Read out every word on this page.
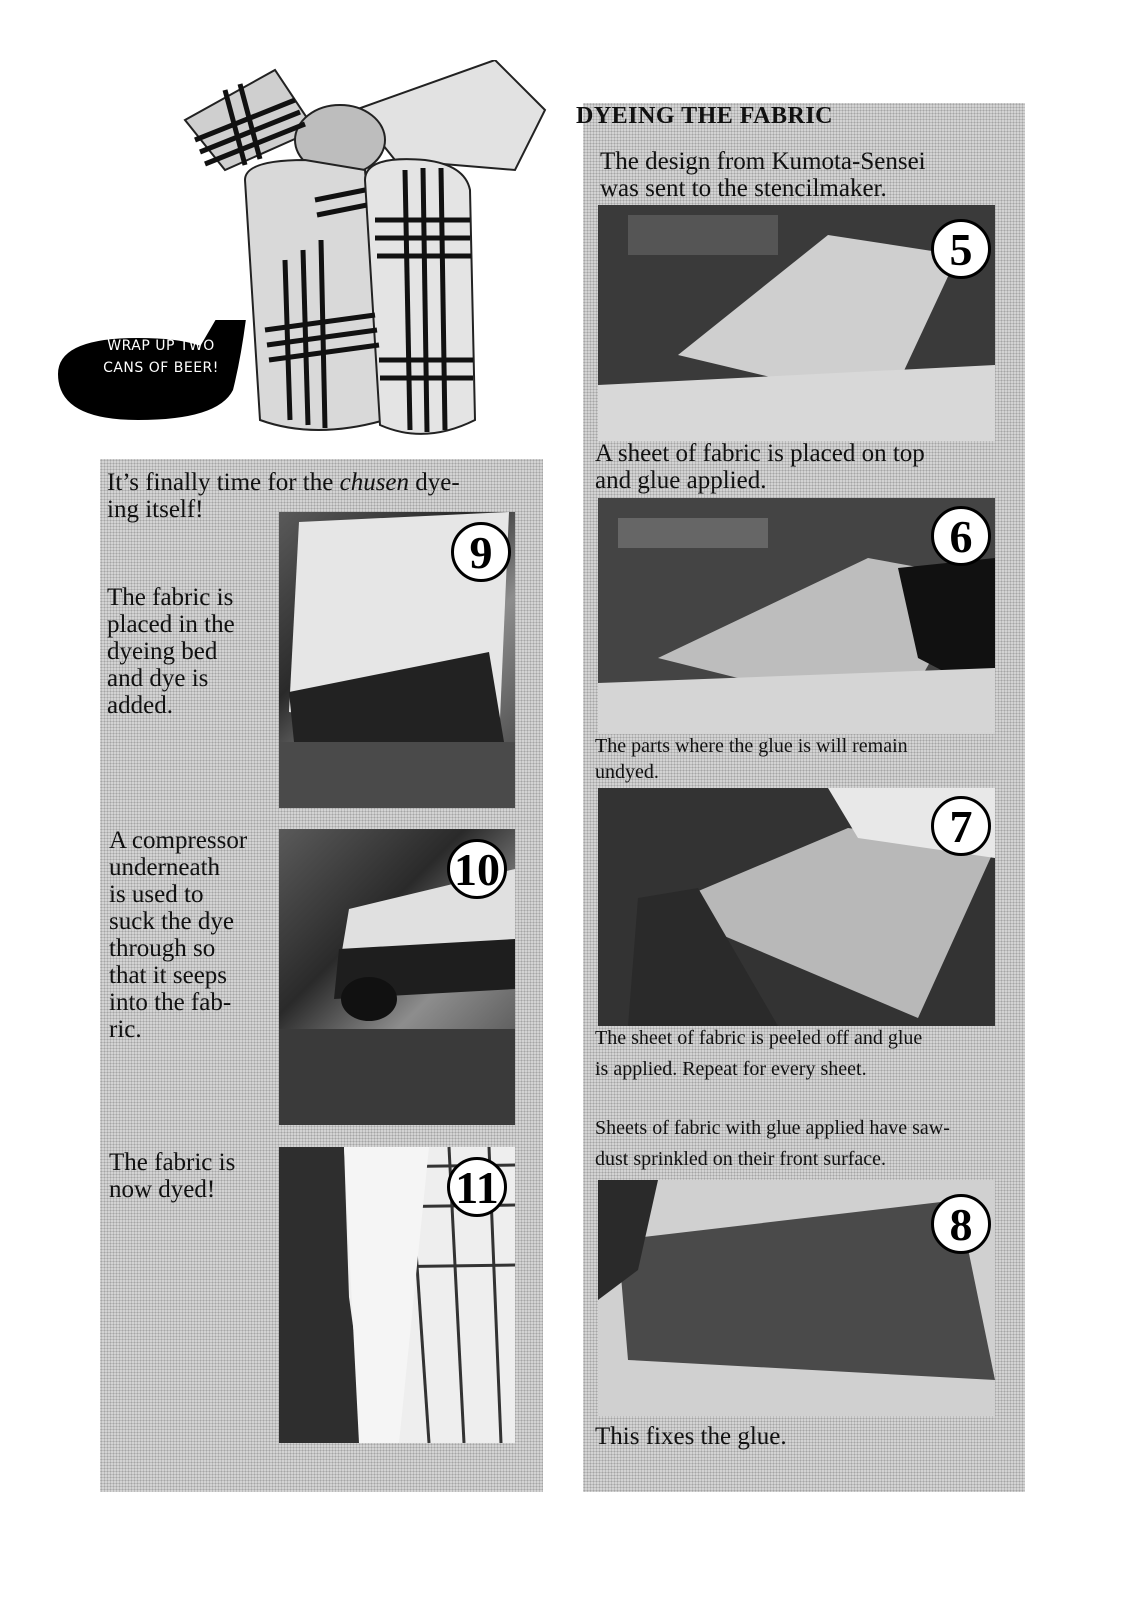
WRAP UP TWO
CANS OF BEER!
It’s finally time for the chusen dye-
ing itself!
9
The fabric is
placed in the
dyeing bed
and dye is
added.
10
A compressor
underneath
is used to
suck the dye
through so
that it seeps
into the fab-
ric.
11
The fabric is
now dyed!
DYEING THE FABRIC
The design from Kumota-Sensei
was sent to the stencilmaker.
5
A sheet of fabric is placed on top
and glue applied.
6
The parts where the glue is will remain
undyed.
7
The sheet of fabric is peeled off and glue
is applied. Repeat for every sheet.
Sheets of fabric with glue applied have saw-
dust sprinkled on their front surface.
8
This fixes the glue.
